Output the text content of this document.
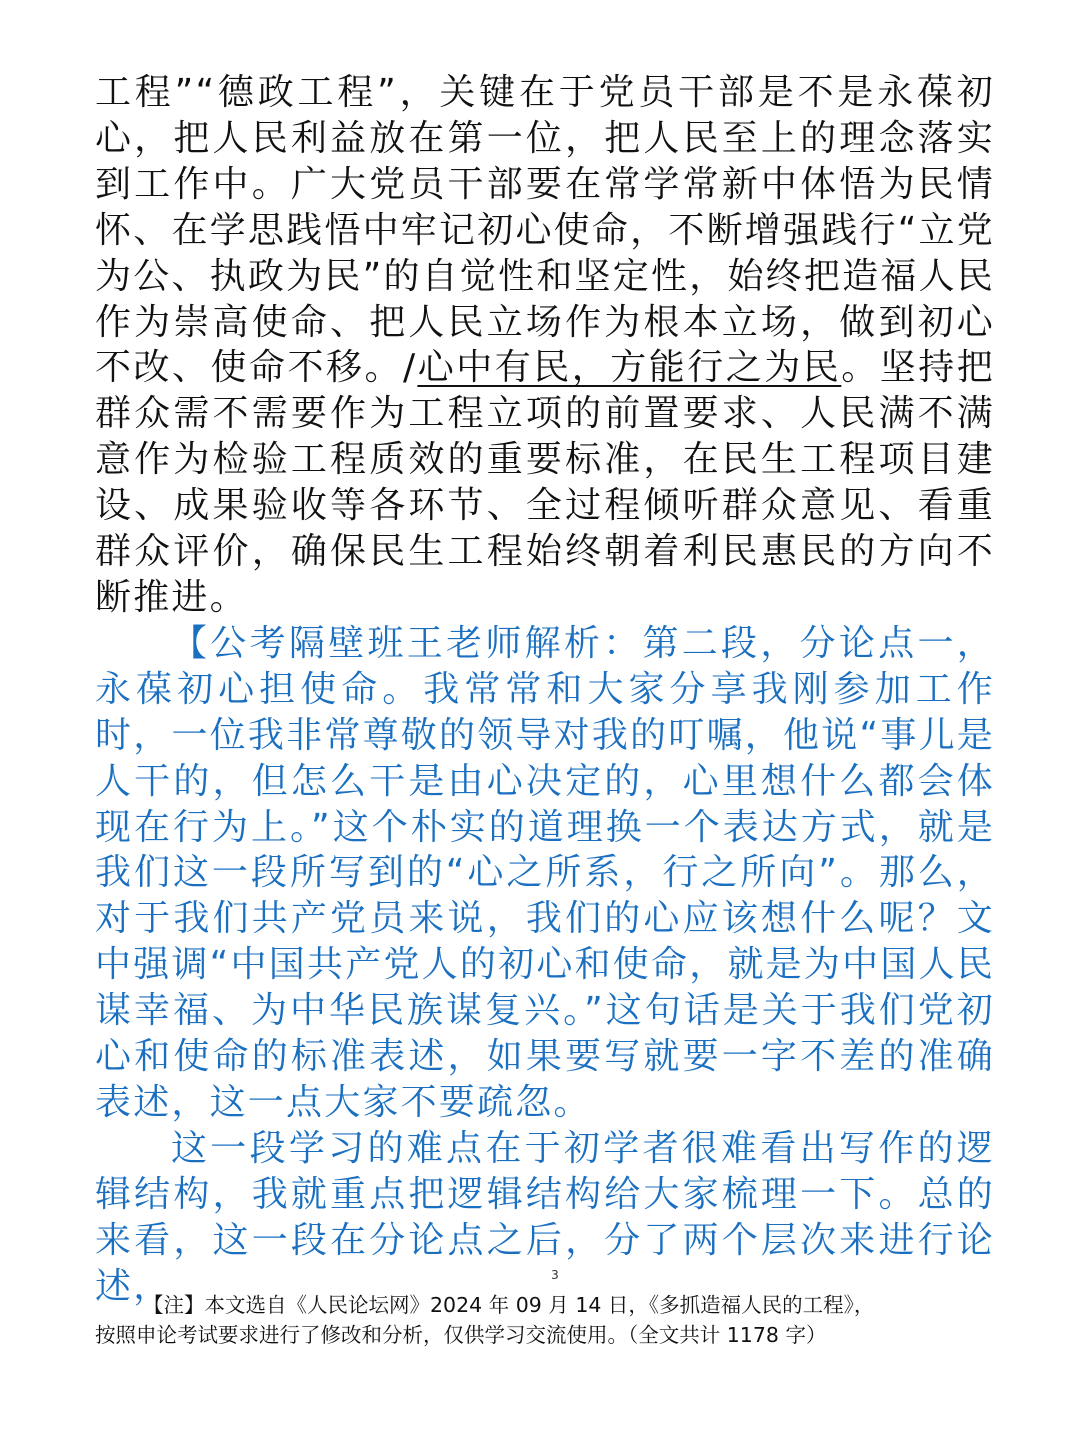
工程”“德政工程”，关键在于党员干部是不是永葆初心，把人民利益放在第一位，把人民至上的理念落实到工作中。广大党员干部要在常学常新中体悟为民情怀、在学思践悟中牢记初心使命，不断增强践行“立党为公、执政为民”的自觉性和坚定性，始终把造福人民作为崇高使命、把人民立场作为根本立场，做到初心不改、使命不移。/心中有民，方能行之为民。坚持把群众需不需要作为工程立项的前置要求、人民满不满意作为检验工程质效的重要标准，在民生工程项目建设、成果验收等各环节、全过程倾听群众意见、看重群众评价，确保民生工程始终朝着利民惠民的方向不断推进。

【公考隔壁班王老师解析：第二段，分论点一，永葆初心担使命。我常常和大家分享我刚参加工作时，一位我非常尊敬的领导对我的叮嘱，他说“事儿是人干的，但怎么干是由心决定的，心里想什么都会体现在行为上。”这个朴实的道理换一个表达方式，就是我们这一段所写到的“心之所系，行之所向”。那么，对于我们共产党员来说，我们的心应该想什么呢？文中强调“中国共产党人的初心和使命，就是为中国人民谋幸福、为中华民族谋复兴。”这句话是关于我们党初心和使命的标准表述，如果要写就要一字不差的准确表述，这一点大家不要疏忽。

这一段学习的难点在于初学者很难看出写作的逻辑结构，我就重点把逻辑结构给大家梳理一下。总的来看，这一段在分论点之后，分了两个层次来进行论述，	3

【注】本文选自《人民论坛网》2024 年 09 月 14 日，《多抓造福人民的工程》，

按照申论考试要求进行了修改和分析，仅供学习交流使用。（全文共计 1178 字）
